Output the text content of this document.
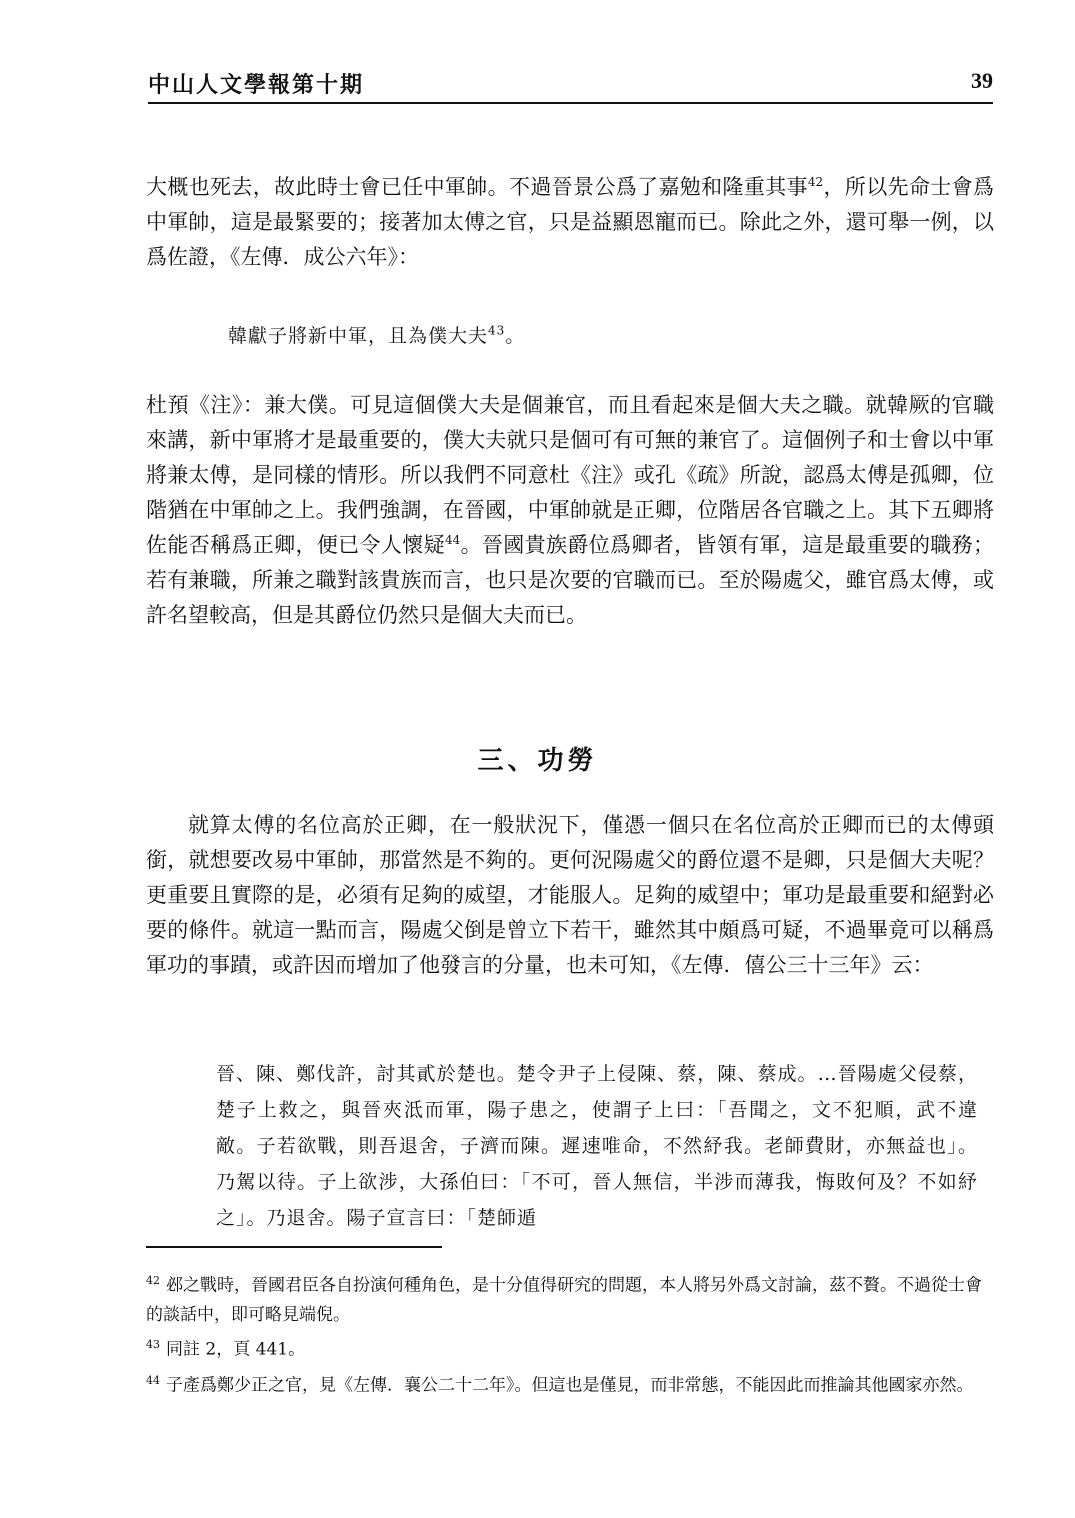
中山人文學報第十期	39

大概也死去，故此時士會已任中軍帥。不過晉景公爲了嘉勉和隆重其事$^{42}$，所以先命士會爲中軍帥，這是最緊要的；接著加太傅之官，只是益顯恩寵而已。除此之外，還可舉一例，以爲佐證，《左傳．成公六年》：

韓獻子將新中軍，且為僕大夫$^{43}$。

杜預《注》：兼大僕。可見這個僕大夫是個兼官，而且看起來是個大夫之職。就韓厥的官職來講，新中軍將才是最重要的，僕大夫就只是個可有可無的兼官了。這個例子和士會以中軍將兼太傅，是同樣的情形。所以我們不同意杜《注》或孔《疏》所說，認爲太傅是孤卿，位階猶在中軍帥之上。我們強調，在晉國，中軍帥就是正卿，位階居各官職之上。其下五卿將佐能否稱爲正卿，便已令人懷疑$^{44}$。晉國貴族爵位爲卿者，皆領有軍，這是最重要的職務；若有兼職，所兼之職對該貴族而言，也只是次要的官職而已。至於陽處父，雖官爲太傅，或許名望較高，但是其爵位仍然只是個大夫而已。

三、功勞

就算太傅的名位高於正卿，在一般狀況下，僅憑一個只在名位高於正卿而已的太傅頭銜，就想要改易中軍帥，那當然是不夠的。更何況陽處父的爵位還不是卿，只是個大夫呢？更重要且實際的是，必須有足夠的威望，才能服人。足夠的威望中；軍功是最重要和絕對必要的條件。就這一點而言，陽處父倒是曾立下若干，雖然其中頗爲可疑，不過畢竟可以稱爲軍功的事蹟，或許因而增加了他發言的分量，也未可知，《左傳．僖公三十三年》云：

晉、陳、鄭伐許，討其貳於楚也。楚令尹子上侵陳、蔡，陳、蔡成。…晉陽處父侵蔡，楚子上救之，與晉夾泜而軍，陽子患之，使謂子上曰：「吾聞之，文不犯順，武不違敵。子若欲戰，則吾退舍，子濟而陳。遲速唯命，不然紓我。老師費財，亦無益也」。乃駕以待。子上欲涉，大孫伯曰：「不可，晉人無信，半涉而薄我，悔敗何及？不如紓之」。乃退舍。陽子宣言曰：「楚師遁

$^{42}$ 邲之戰時，晉國君臣各自扮演何種角色，是十分值得研究的問題，本人將另外爲文討論，茲不贅。不過從士會的談話中，即可略見端倪。

$^{43}$ 同註 2，頁 441。

$^{44}$ 子產爲鄭少正之官，見《左傳．襄公二十二年》。但這也是僅見，而非常態，不能因此而推論其他國家亦然。
